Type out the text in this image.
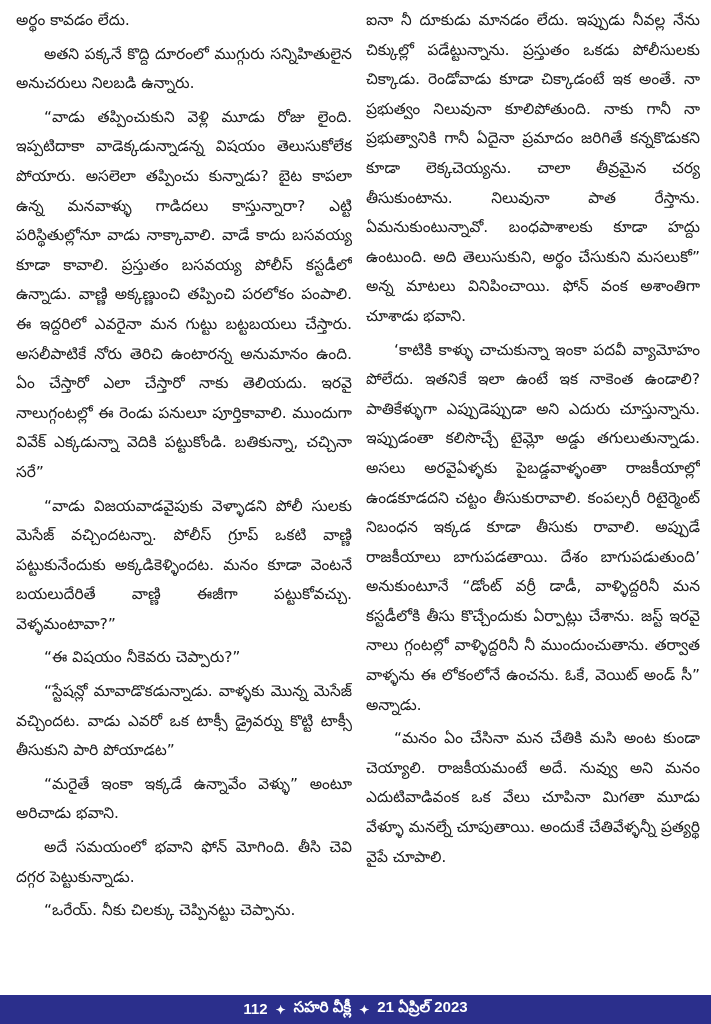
అర్థం కావడం లేదు.

అతని పక్కనే కొద్ది దూరంలో ముగ్గురు సన్నిహితులైన అనుచరులు నిలబడి ఉన్నారు.

“వాడు తప్పించుకుని వెళ్లి మూడు రోజు లైంది. ఇప్పటిదాకా వాడెక్కడున్నాడన్న విషయం తెలుసుకోలేక పోయారు. అసలెలా తప్పించు కున్నాడు? బైట కాపలా ఉన్న మనవాళ్ళు గాడిదలు కాస్తున్నారా? ఎట్టి పరిస్థితుల్లోనూ వాడు నాక్కావాలి. వాడే కాదు బసవయ్య కూడా కావాలి. ప్రస్తుతం బసవయ్య పోలీస్ కస్టడీలో ఉన్నాడు. వాణ్ణి అక్కణ్ణుంచి తప్పించి పరలోకం పంపాలి. ఈ ఇద్దరిలో ఎవరైనా మన గుట్టు బట్టబయలు చేస్తారు. అసలీపాటికే నోరు తెరిచి ఉంటారన్న అనుమానం ఉంది. ఏం చేస్తారో ఎలా చేస్తారో నాకు తెలియదు. ఇరవై నాలుగ్గంటల్లో ఈ రెండు పనులూ పూర్తికావాలి. ముందుగా వివేక్ ఎక్కడున్నా వెదికి పట్టుకోండి. బతికున్నా, చచ్చినా సరే”

“వాడు విజయవాడవైపుకు వెళ్ళాడని పోలీ సులకు మెసేజ్ వచ్చిందటన్నా. పోలీస్ గ్రూప్ ఒకటి వాణ్ణి పట్టుకునేందుకు అక్కడికెళ్ళిందట. మనం కూడా వెంటనే బయలుదేరితే వాణ్ణి ఈజీగా పట్టుకోవచ్చు. వెళ్ళమంటావా?”

“ఈ విషయం నీకెవరు చెప్పారు?”

“స్టేషన్లో మావాడొకడున్నాడు. వాళ్ళకు మొన్న మెసేజ్ వచ్చిందట. వాడు ఎవరో ఒక టాక్సీ డ్రైవర్ను కొట్టి టాక్సీ తీసుకుని పారి పోయాడట”

“మరైతే ఇంకా ఇక్కడే ఉన్నావేం వెళ్ళు” అంటూ అరిచాడు భవాని.

అదే సమయంలో భవాని ఫోన్ మోగింది. తీసి చెవి దగ్గర పెట్టుకున్నాడు.

“ఒరేయ్. నీకు చిలక్కు చెప్పినట్టు చెప్పాను.

ఐనా నీ దూకుడు మానడం లేదు. ఇప్పుడు నీవల్ల నేను చిక్కుల్లో పడేట్టున్నాను. ప్రస్తుతం ఒకడు పోలీసులకు చిక్కాడు. రెండోవాడు కూడా చిక్కాడంటే ఇక అంతే. నా ప్రభుత్వం నిలువునా కూలిపోతుంది. నాకు గానీ నా ప్రభుత్వానికి గానీ ఏదైనా ప్రమాదం జరిగితే కన్నకొడుకని కూడా లెక్కచెయ్యను. చాలా తీవ్రమైన చర్య తీసుకుంటాను. నిలువునా పాత రేస్తాను. ఏమనుకుంటున్నావో. బంధపాశాలకు కూడా హద్దు ఉంటుంది. అది తెలుసుకుని, అర్థం చేసుకుని మసలుకో” అన్న మాటలు వినిపించాయి. ఫోన్ వంక అశాంతిగా చూశాడు భవాని.

‘కాటికి కాళ్ళు చాచుకున్నా ఇంకా పదవీ వ్యామోహం పోలేదు. ఇతనికే ఇలా ఉంటే ఇక నాకెంత ఉండాలి? పాతికేళ్ళుగా ఎప్పుడెప్పుడా అని ఎదురు చూస్తున్నాను. ఇప్పుడంతా కలిసొచ్చే టైమ్లో అడ్డు తగులుతున్నాడు. అసలు అరవైఏళ్ళకు పైబడ్డవాళ్ళంతా రాజకీయాల్లో ఉండకూడదని చట్టం తీసుకురావాలి. కంపల్సరీ రిటైర్మెంట్ నిబంధన ఇక్కడ కూడా తీసుకు రావాలి. అప్పుడే రాజకీయాలు బాగుపడతాయి. దేశం బాగుపడుతుంది’ అనుకుంటూనే “డోంట్ వర్రీ డాడీ, వాళ్ళిద్దరినీ మన కస్టడీలోకి తీసు కొచ్చేందుకు ఏర్పాట్లు చేశాను. జస్ట్ ఇరవై నాలు గ్గంటల్లో వాళ్ళిద్దరినీ నీ ముందుంచుతాను. తర్వాత వాళ్ళను ఈ లోకంలోనే ఉంచను. ఓకే, వెయిట్ అండ్ సీ” అన్నాడు.

“మనం ఏం చేసినా మన చేతికి మసి అంట కుండా చెయ్యాలి. రాజకీయమంటే అదే. నువ్వు అని మనం ఎదుటివాడివంక ఒక వేలు చూపినా మిగతా మూడు వేళ్ళూ మనల్నే చూపుతాయి. అందుకే చేతివేళ్ళన్నీ ప్రత్యర్థి వైపే చూపాలి.

112 ✦ సహరి వీక్లీ ✦ 21 ఏప్రిల్ 2023
